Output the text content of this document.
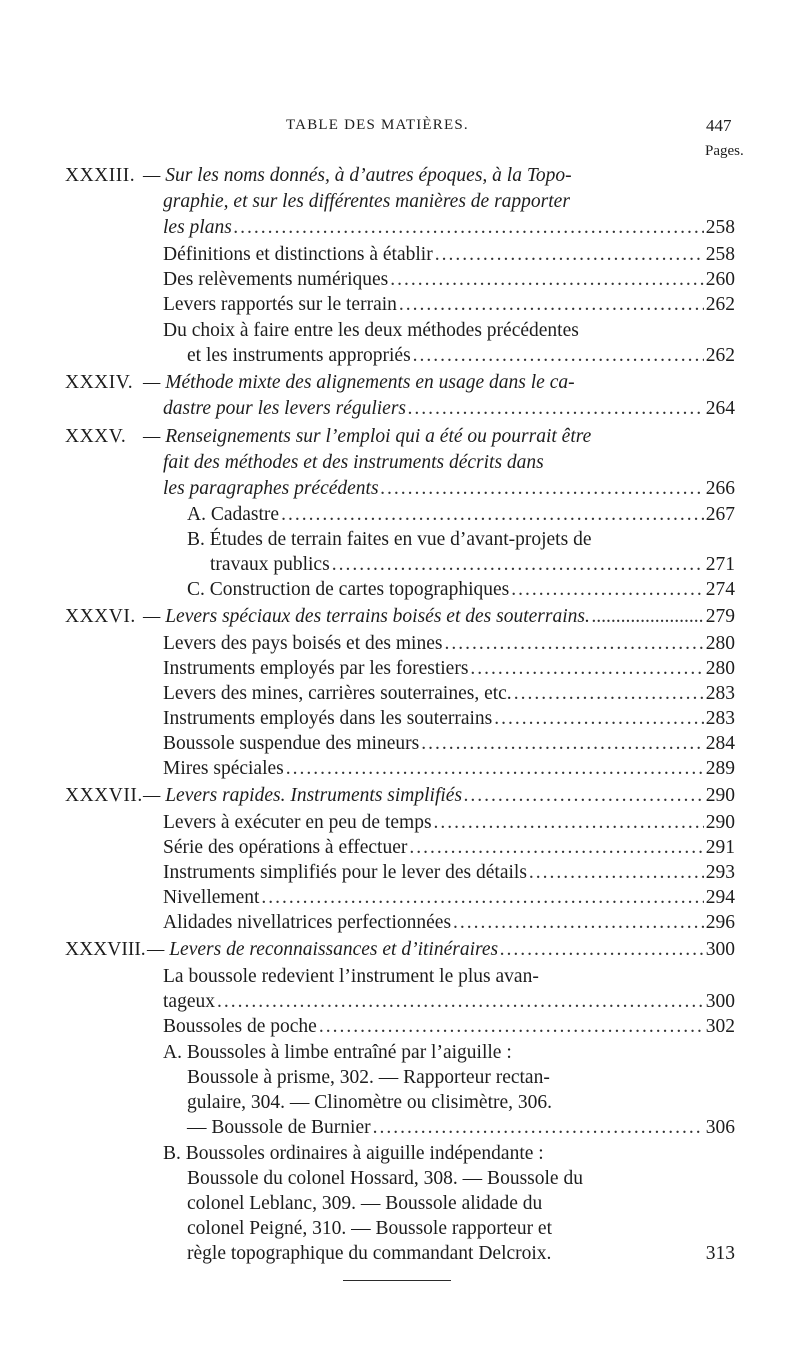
TABLE DES MATIÈRES.	447
Pages.
XXXIII. — Sur les noms donnés, à d’autres époques, à la Topo-
graphie, et sur les différentes manières de rapporter
les plans .....	258
Définitions et distinctions à établir .....	258
Des relèvements numériques .....	260
Levers rapportés sur le terrain .....	262
Du choix à faire entre les deux méthodes précédentes
et les instruments appropriés .....	262
XXXIV. — Méthode mixte des alignements en usage dans le ca-
dastre pour les levers réguliers .....	264
XXXV. — Renseignements sur l’emploi qui a été ou pourrait être
fait des méthodes et des instruments décrits dans
les paragraphes précédents .....	266
A. Cadastre .....	267
B. Études de terrain faites en vue d’avant-projets de
travaux publics .....	271
C. Construction de cartes topographiques .....	274
XXXVI. — Levers spéciaux des terrains boisés et des souterrains. .....	279
Levers des pays boisés et des mines .....	280
Instruments employés par les forestiers .....	280
Levers des mines, carrières souterraines, etc. .....	283
Instruments employés dans les souterrains .....	283
Boussole suspendue des mineurs .....	284
Mires spéciales .....	289
XXXVII. — Levers rapides. Instruments simplifiés .....	290
Levers à exécuter en peu de temps .....	290
Série des opérations à effectuer .....	291
Instruments simplifiés pour le lever des détails .....	293
Nivellement .....	294
Alidades nivellatrices perfectionnées .....	296
XXXVIII. — Levers de reconnaissances et d’itinéraires .....	300
La boussole redevient l’instrument le plus avan-
tageux .....	300
Boussoles de poche .....	302
A. Boussoles à limbe entraîné par l’aiguille :
Boussole à prisme, 302. — Rapporteur rectan-
gulaire, 304. — Clinomètre ou clisimètre, 306.
— Boussole de Burnier .....	306
B. Boussoles ordinaires à aiguille indépendante :
Boussole du colonel Hossard, 308. — Boussole du
colonel Leblanc, 309. — Boussole alidade du
colonel Peigné, 310. — Boussole rapporteur et
règle topographique du commandant Delcroix.	313
